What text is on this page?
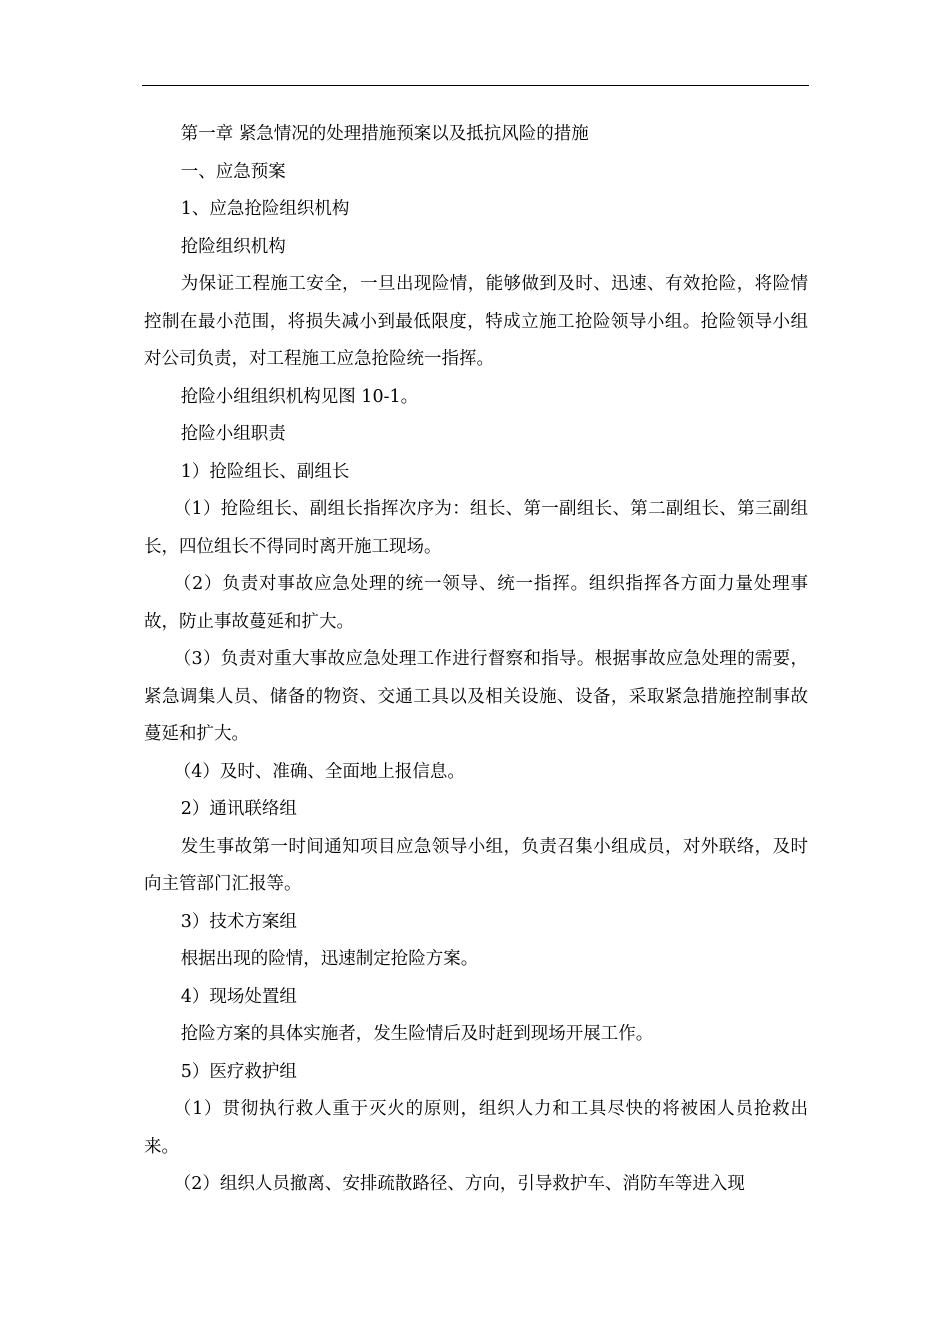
第一章 紧急情况的处理措施预案以及抵抗风险的措施

一、应急预案

1、应急抢险组织机构

抢险组织机构

为保证工程施工安全，一旦出现险情，能够做到及时、迅速、有效抢险，将险情控制在最小范围，将损失减小到最低限度，特成立施工抢险领导小组。抢险领导小组对公司负责，对工程施工应急抢险统一指挥。

抢险小组组织机构见图 10-1。

抢险小组职责

1）抢险组长、副组长

（1）抢险组长、副组长指挥次序为：组长、第一副组长、第二副组长、第三副组长，四位组长不得同时离开施工现场。

（2）负责对事故应急处理的统一领导、统一指挥。组织指挥各方面力量处理事故，防止事故蔓延和扩大。

（3）负责对重大事故应急处理工作进行督察和指导。根据事故应急处理的需要，紧急调集人员、储备的物资、交通工具以及相关设施、设备，采取紧急措施控制事故蔓延和扩大。

（4）及时、准确、全面地上报信息。

2）通讯联络组

发生事故第一时间通知项目应急领导小组，负责召集小组成员，对外联络，及时向主管部门汇报等。

3）技术方案组

根据出现的险情，迅速制定抢险方案。

4）现场处置组

抢险方案的具体实施者，发生险情后及时赶到现场开展工作。

5）医疗救护组

（1）贯彻执行救人重于灭火的原则，组织人力和工具尽快的将被困人员抢救出来。

（2）组织人员撤离、安排疏散路径、方向，引导救护车、消防车等进入现
